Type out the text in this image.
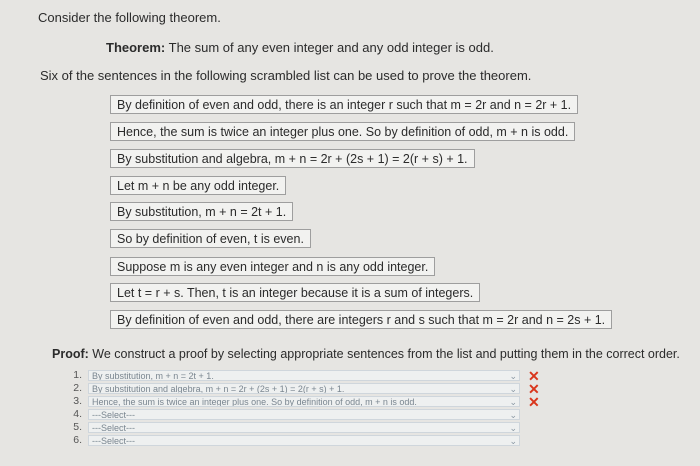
Consider the following theorem.
Theorem: The sum of any even integer and any odd integer is odd.
Six of the sentences in the following scrambled list can be used to prove the theorem.
By definition of even and odd, there is an integer r such that m = 2r and n = 2r + 1.
Hence, the sum is twice an integer plus one. So by definition of odd, m + n is odd.
By substitution and algebra, m + n = 2r + (2s + 1) = 2(r + s) + 1.
Let m + n be any odd integer.
By substitution, m + n = 2t + 1.
So by definition of even, t is even.
Suppose m is any even integer and n is any odd integer.
Let t = r + s. Then, t is an integer because it is a sum of integers.
By definition of even and odd, there are integers r and s such that m = 2r and n = 2s + 1.
Proof: We construct a proof by selecting appropriate sentences from the list and putting them in the correct order.
1.	By substitution, m + n = 2t + 1.	⌄ ✕
2.	By substitution and algebra, m + n = 2r + (2s + 1) = 2(r + s) + 1.	⌄ ✕
3.	Hence, the sum is twice an integer plus one. So by definition of odd, m + n is odd.	⌄ ✕
4.	---Select---	⌄
5.	---Select---	⌄
6.	---Select---	⌄
